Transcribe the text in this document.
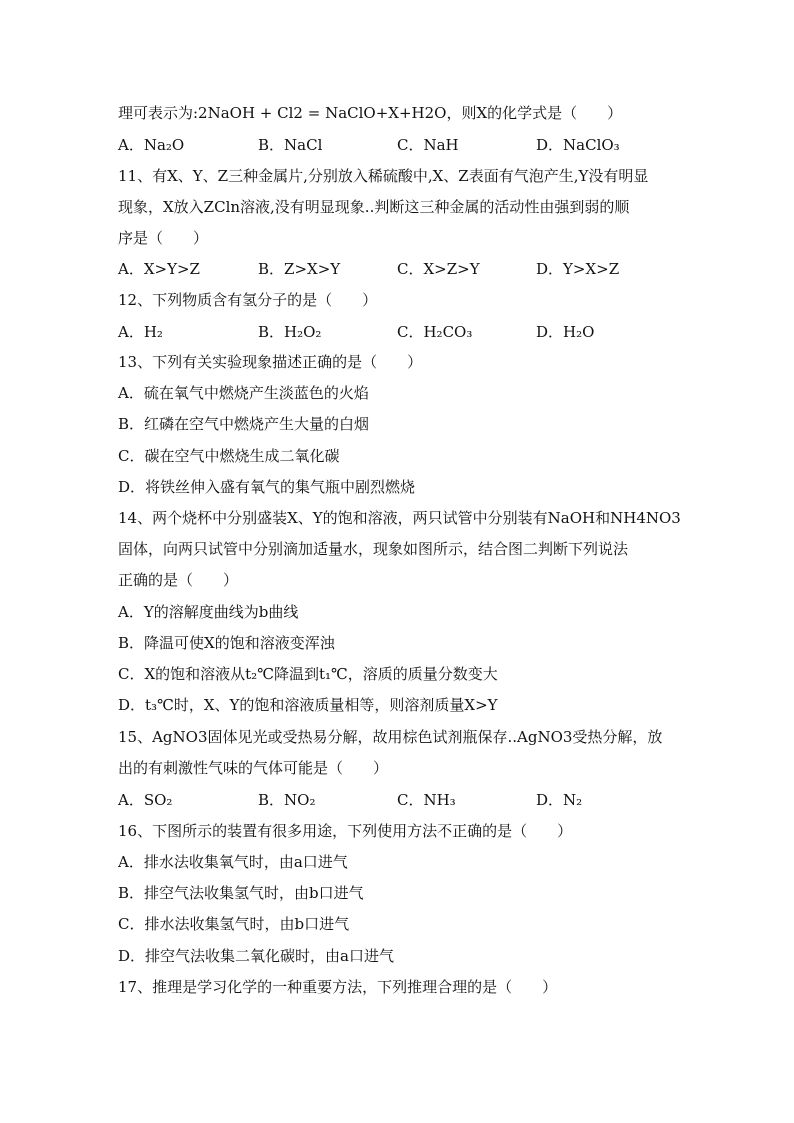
理可表示为:2NaOH + Cl2 = NaClO+X+H2O，则X的化学式是（　　）
A．Na₂O	B．NaCl	C．NaH	D．NaClO₃
11、有X、Y、Z三种金属片,分别放入稀硫酸中,X、Z表面有气泡产生,Y没有明显
现象，X放入ZCln溶液,没有明显现象..判断这三种金属的活动性由强到弱的顺
序是（　　）
A．X>Y>Z	B．Z>X>Y	C．X>Z>Y	D．Y>X>Z
12、下列物质含有氢分子的是（　　）
A．H₂	B．H₂O₂	C．H₂CO₃	D．H₂O
13、下列有关实验现象描述正确的是（　　）
A．硫在氧气中燃烧产生淡蓝色的火焰
B．红磷在空气中燃烧产生大量的白烟
C．碳在空气中燃烧生成二氧化碳
D．将铁丝伸入盛有氧气的集气瓶中剧烈燃烧
14、两个烧杯中分别盛装X、Y的饱和溶液，两只试管中分别装有NaOH和NH4NO3
固体，向两只试管中分别滴加适量水，现象如图所示，结合图二判断下列说法
正确的是（　　）
A．Y的溶解度曲线为b曲线
B．降温可使X的饱和溶液变浑浊
C．X的饱和溶液从t₂℃降温到t₁℃，溶质的质量分数变大
D．t₃℃时，X、Y的饱和溶液质量相等，则溶剂质量X>Y
15、AgNO3固体见光或受热易分解，故用棕色试剂瓶保存..AgNO3受热分解，放
出的有刺激性气味的气体可能是（　　）
A．SO₂	B．NO₂	C．NH₃	D．N₂
16、下图所示的装置有很多用途，下列使用方法不正确的是（　　）
A．排水法收集氧气时，由a口进气
B．排空气法收集氢气时，由b口进气
C．排水法收集氢气时，由b口进气
D．排空气法收集二氧化碳时，由a口进气
17、推理是学习化学的一种重要方法，下列推理合理的是（　　）
